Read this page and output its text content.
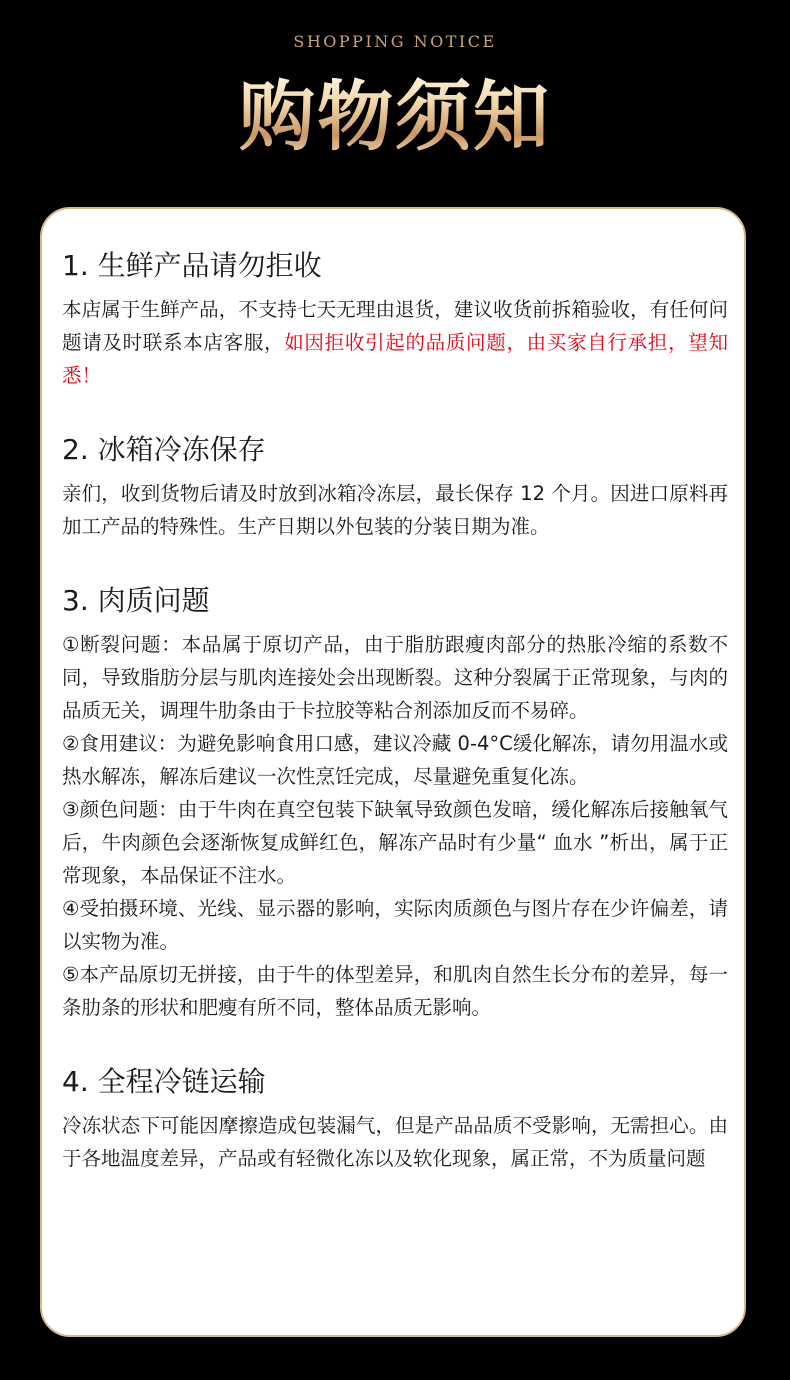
SHOPPING NOTICE
购物须知
1. 生鲜产品请勿拒收

本店属于生鲜产品，不支持七天无理由退货，建议收货前拆箱验收，有任何问题请及时联系本店客服，如因拒收引起的品质问题，由买家自行承担，望知悉！

2. 冰箱冷冻保存

亲们，收到货物后请及时放到冰箱冷冻层，最长保存 12 个月。因进口原料再加工产品的特殊性。生产日期以外包装的分装日期为准。

3. 肉质问题

①断裂问题：本品属于原切产品，由于脂肪跟瘦肉部分的热胀冷缩的系数不同，导致脂肪分层与肌肉连接处会出现断裂。这种分裂属于正常现象，与肉的品质无关，调理牛肋条由于卡拉胶等粘合剂添加反而不易碎。

②食用建议：为避免影响食用口感，建议冷藏 0-4°C缓化解冻，请勿用温水或热水解冻，解冻后建议一次性烹饪完成，尽量避免重复化冻。

③颜色问题：由于牛肉在真空包装下缺氧导致颜色发暗，缓化解冻后接触氧气后，牛肉颜色会逐渐恢复成鲜红色，解冻产品时有少量“ 血水 ”析出，属于正常现象，本品保证不注水。

④受拍摄环境、光线、显示器的影响，实际肉质颜色与图片存在少许偏差，请以实物为准。

⑤本产品原切无拼接，由于牛的体型差异，和肌肉自然生长分布的差异，每一条肋条的形状和肥瘦有所不同，整体品质无影响。

4. 全程冷链运输

冷冻状态下可能因摩擦造成包装漏气，但是产品品质不受影响，无需担心。由于各地温度差异，产品或有轻微化冻以及软化现象，属正常，不为质量问题
